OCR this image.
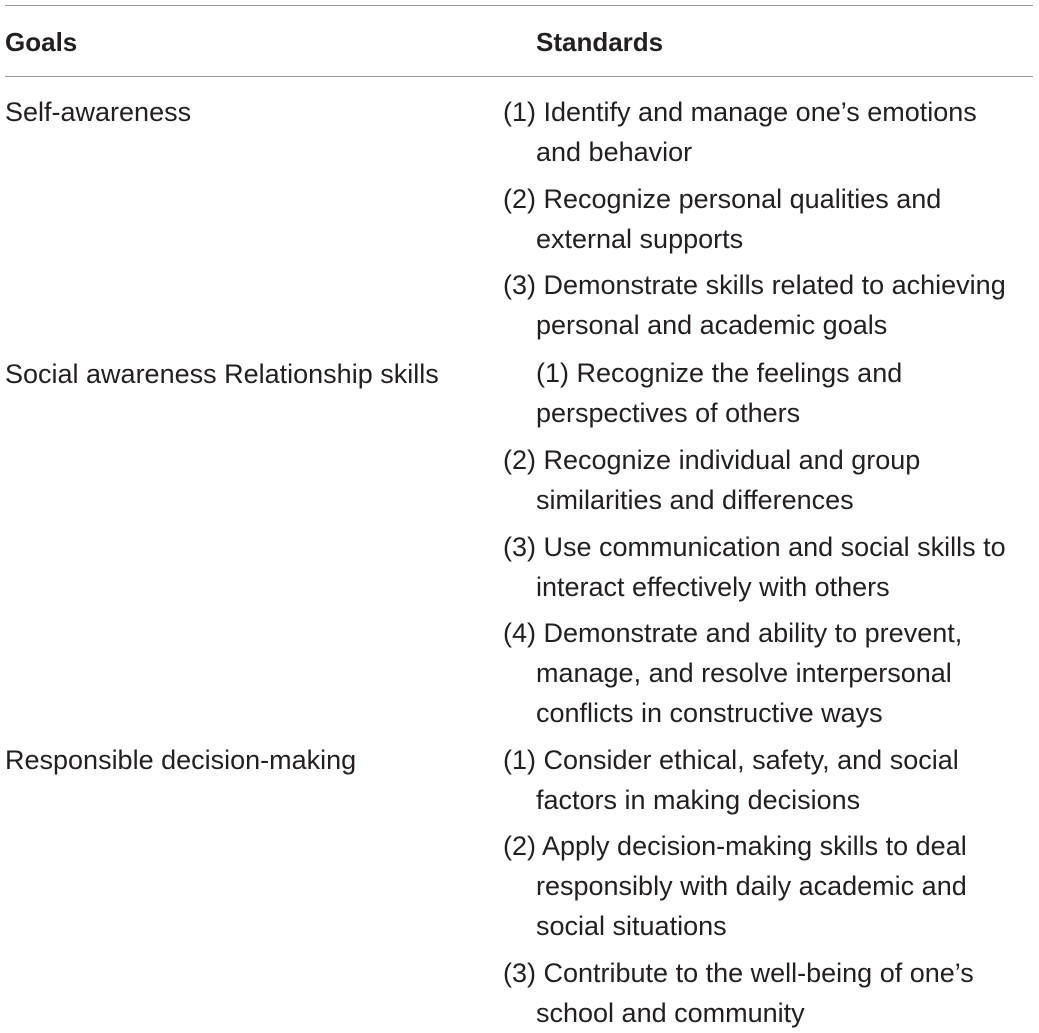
Goals	Standards
Self-awareness	(1) Identify and manage one’s emotions
and behavior
(2) Recognize personal qualities and
external supports
(3) Demonstrate skills related to achieving
personal and academic goals
Social awareness Relationship skills	(1) Recognize the feelings and
perspectives of others
(2) Recognize individual and group
similarities and differences
(3) Use communication and social skills to
interact effectively with others
(4) Demonstrate and ability to prevent,
manage, and resolve interpersonal
conflicts in constructive ways
Responsible decision-making	(1) Consider ethical, safety, and social
factors in making decisions
(2) Apply decision-making skills to deal
responsibly with daily academic and
social situations
(3) Contribute to the well-being of one’s
school and community
